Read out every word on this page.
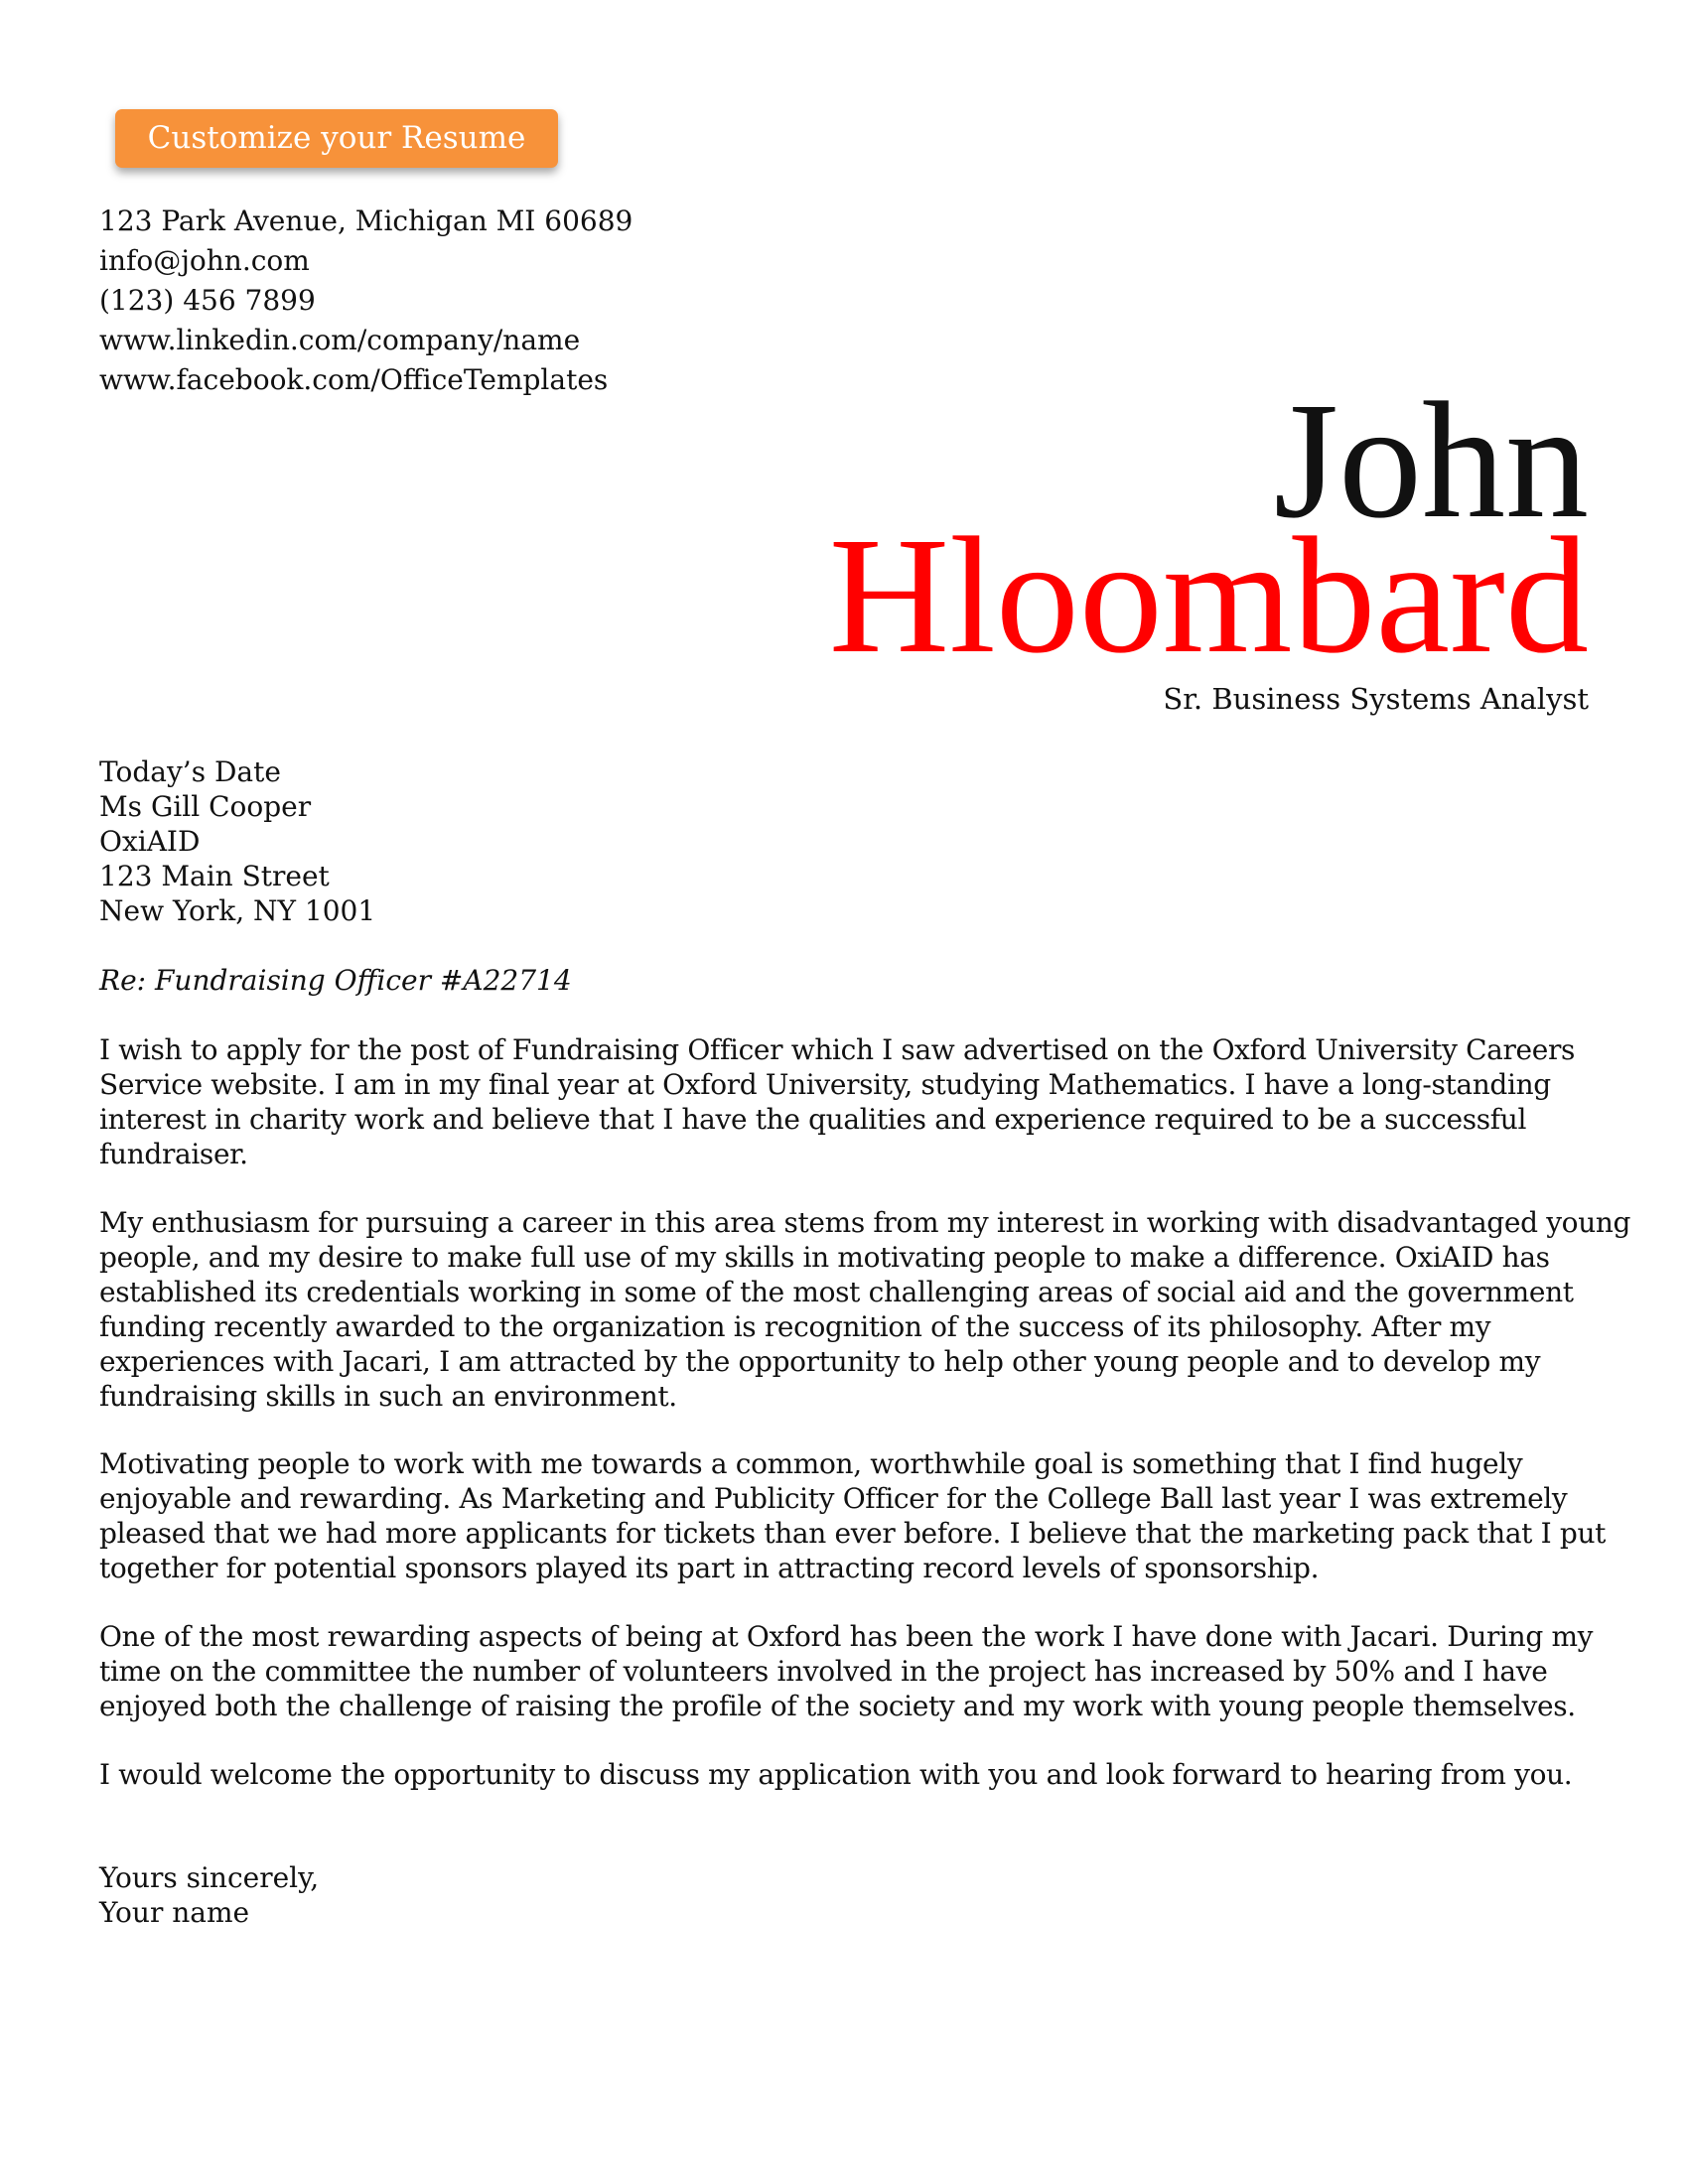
Customize your Resume
123 Park Avenue, Michigan MI 60689
info@john.com
(123) 456 7899
www.linkedin.com/company/name
www.facebook.com/OfficeTemplates	John
Hloombard
Sr. Business Systems Analyst
Today’s Date
Ms Gill Cooper
OxiAID
123 Main Street
New York, NY 1001
Re: Fundraising Officer #A22714
I wish to apply for the post of Fundraising Officer which I saw advertised on the Oxford University Careers
Service website. I am in my final year at Oxford University, studying Mathematics. I have a long-standing
interest in charity work and believe that I have the qualities and experience required to be a successful
fundraiser.
My enthusiasm for pursuing a career in this area stems from my interest in working with disadvantaged young
people, and my desire to make full use of my skills in motivating people to make a difference. OxiAID has
established its credentials working in some of the most challenging areas of social aid and the government
funding recently awarded to the organization is recognition of the success of its philosophy. After my
experiences with Jacari, I am attracted by the opportunity to help other young people and to develop my
fundraising skills in such an environment.
Motivating people to work with me towards a common, worthwhile goal is something that I find hugely
enjoyable and rewarding. As Marketing and Publicity Officer for the College Ball last year I was extremely
pleased that we had more applicants for tickets than ever before. I believe that the marketing pack that I put
together for potential sponsors played its part in attracting record levels of sponsorship.
One of the most rewarding aspects of being at Oxford has been the work I have done with Jacari. During my
time on the committee the number of volunteers involved in the project has increased by 50% and I have
enjoyed both the challenge of raising the profile of the society and my work with young people themselves.
I would welcome the opportunity to discuss my application with you and look forward to hearing from you.
Yours sincerely,
Your name
